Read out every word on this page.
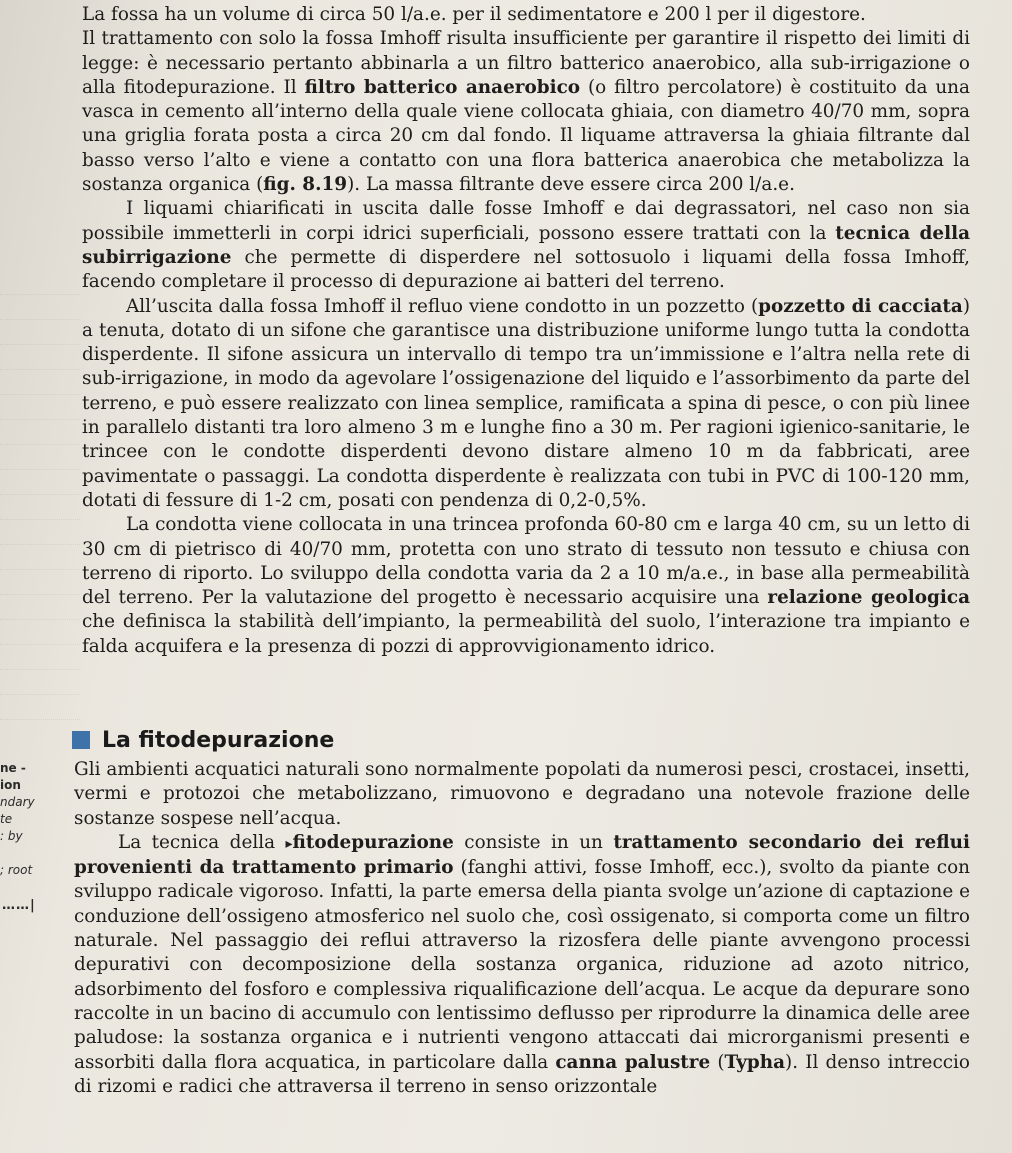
La fossa ha un volume di circa 50 l/a.e. per il sedimentatore e 200 l per il digestore.

Il trattamento con solo la fossa Imhoff risulta insufficiente per garantire il rispetto dei limiti di legge: è necessario pertanto abbinarla a un filtro batterico anaerobico, alla sub-irrigazione o alla fitodepurazione. Il filtro batterico anaerobico (o filtro percolatore) è costituito da una vasca in cemento all’interno della quale viene collocata ghiaia, con diametro 40/70 mm, sopra una griglia forata posta a circa 20 cm dal fondo. Il liquame attraversa la ghiaia filtrante dal basso verso l’alto e viene a contatto con una flora batterica anaerobica che metabolizza la sostanza organica (fig. 8.19). La massa filtrante deve essere circa 200 l/a.e.

I liquami chiarificati in uscita dalle fosse Imhoff e dai degrassatori, nel caso non sia possibile immetterli in corpi idrici superficiali, possono essere trattati con la tecnica della subirrigazione che permette di disperdere nel sottosuolo i liquami della fossa Imhoff, facendo completare il processo di depurazione ai batteri del terreno.

All’uscita dalla fossa Imhoff il refluo viene condotto in un pozzetto (pozzetto di cacciata) a tenuta, dotato di un sifone che garantisce una distribuzione uniforme lungo tutta la condotta disperdente. Il sifone assicura un intervallo di tempo tra un’immissione e l’altra nella rete di sub-irrigazione, in modo da agevolare l’ossigenazione del liquido e l’assorbimento da parte del terreno, e può essere realizzato con linea semplice, ramificata a spina di pesce, o con più linee in parallelo distanti tra loro almeno 3 m e lunghe fino a 30 m. Per ragioni igienico-sanitarie, le trincee con le condotte disperdenti devono distare almeno 10 m da fabbricati, aree pavimentate o passaggi. La condotta disperdente è realizzata con tubi in PVC di 100-120 mm, dotati di fessure di 1-2 cm, posati con pendenza di 0,2-0,5%.

La condotta viene collocata in una trincea profonda 60-80 cm e larga 40 cm, su un letto di 30 cm di pietrisco di 40/70 mm, protetta con uno strato di tessuto non tessuto e chiusa con terreno di riporto. Lo sviluppo della condotta varia da 2 a 10 m/a.e., in base alla permeabilità del terreno. Per la valutazione del progetto è necessario acquisire una relazione geologica che definisca la stabilità dell’impianto, la permeabilità del suolo, l’interazione tra impianto e falda acquifera e la presenza di pozzi di approvvigionamento idrico.

La fitodepurazione
ne -
ion
ndary
te
: by

; root
……|

Gli ambienti acquatici naturali sono normalmente popolati da numerosi pesci, crostacei, insetti, vermi e protozoi che metabolizzano, rimuovono e degradano una notevole frazione delle sostanze sospese nell’acqua.

La tecnica della ▸fitodepurazione consiste in un trattamento secondario dei reflui provenienti da trattamento primario (fanghi attivi, fosse Imhoff, ecc.), svolto da piante con sviluppo radicale vigoroso. Infatti, la parte emersa della pianta svolge un’azione di captazione e conduzione dell’ossigeno atmosferico nel suolo che, così ossigenato, si comporta come un filtro naturale. Nel passaggio dei reflui attraverso la rizosfera delle piante avvengono processi depurativi con decomposizione della sostanza organica, riduzione ad azoto nitrico, adsorbimento del fosforo e complessiva riqualificazione dell’acqua. Le acque da depurare sono raccolte in un bacino di accumulo con lentissimo deflusso per riprodurre la dinamica delle aree paludose: la sostanza organica e i nutrienti vengono attaccati dai microrganismi presenti e assorbiti dalla flora acquatica, in particolare dalla canna palustre (Typha). Il denso intreccio di rizomi e radici che attraversa il terreno in senso orizzontale
